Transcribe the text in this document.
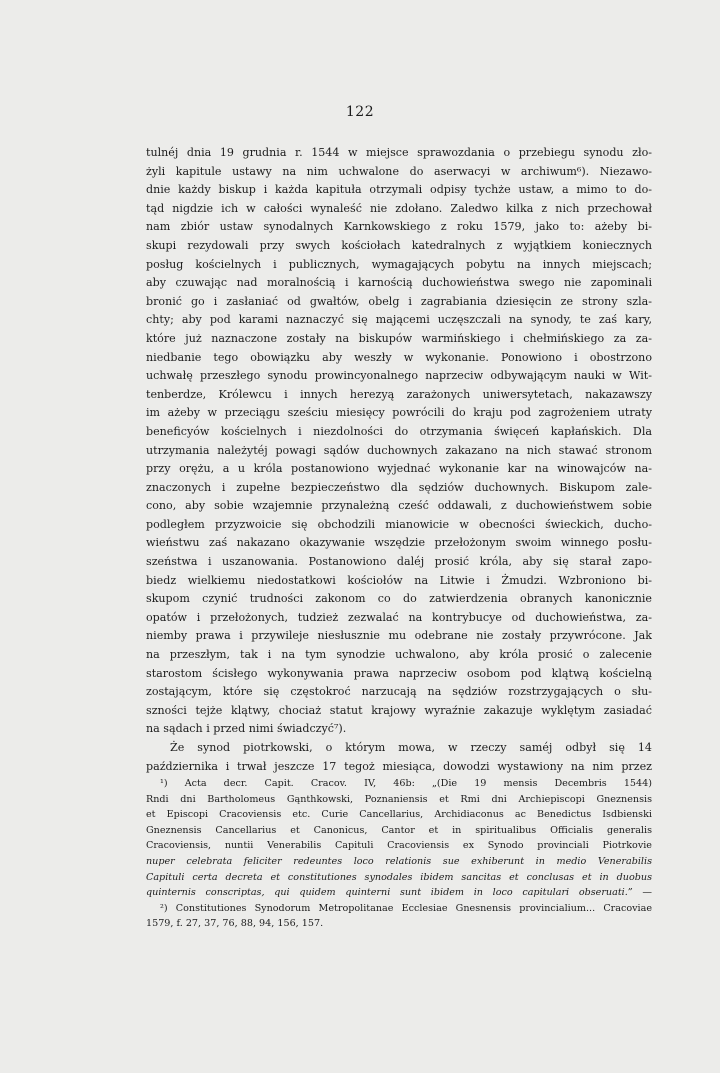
122
tulnéj dnia 19 grudnia r. 1544 w miejsce sprawozdania o przebiegu synodu zło-
żyli kapitule ustawy na nim uchwalone do aserwacyi w archiwum⁶). Niezawo-
dnie każdy biskup i każda kapituła otrzymali odpisy tychże ustaw, a mimo to do-
tąd nigdzie ich w całości wynaleść nie zdołano. Zaledwo kilka z nich przechował
nam zbiór ustaw synodalnych Karnkowskiego z roku 1579, jako to: ażeby bi-
skupi rezydowali przy swych kościołach katedralnych z wyjątkiem koniecznych
posług kościelnych i publicznych, wymagających pobytu na innych miejscach;
aby czuwając nad moralnością i karnością duchowieństwa swego nie zapominali
bronić go i zasłaniać od gwałtów, obelg i zagrabiania dziesięcin ze strony szla-
chty; aby pod karami naznaczyć się mającemi uczęszczali na synody, te zaś kary,
które już naznaczone zostały na biskupów warmińskiego i chełmińskiego za za-
niedbanie tego obowiązku aby weszły w wykonanie. Ponowiono i obostrzono
uchwałę przeszłego synodu prowincyonalnego naprzeciw odbywającym nauki w Wit-
tenberdze, Królewcu i innych herezyą zarażonych uniwersytetach, nakazawszy
im ażeby w przeciągu sześciu miesięcy powrócili do kraju pod zagrożeniem utraty
beneficyów kościelnych i niezdolności do otrzymania święceń kapłańskich. Dla
utrzymania należytéj powagi sądów duchownych zakazano na nich stawać stronom
przy orężu, a u króla postanowiono wyjednać wykonanie kar na winowajców na-
znaczonych i zupełne bezpieczeństwo dla sędziów duchownych. Biskupom zale-
cono, aby sobie wzajemnie przynależną cześć oddawali, z duchowieństwem sobie
podległem przyzwoicie się obchodzili mianowicie w obecności świeckich, ducho-
wieństwu zaś nakazano okazywanie wszędzie przełożonym swoim winnego posłu-
szeństwa i uszanowania. Postanowiono daléj prosić króla, aby się starał zapo-
biedz wielkiemu niedostatkowi kościołów na Litwie i Żmudzi. Wzbroniono bi-
skupom czynić trudności zakonom co do zatwierdzenia obranych kanonicznie
opatów i przełożonych, tudzież zezwalać na kontrybucye od duchowieństwa, za-
niemby prawa i przywileje niesłusznie mu odebrane nie zostały przywrócone. Jak
na przeszłym, tak i na tym synodzie uchwalono, aby króla prosić o zalecenie
starostom ścisłego wykonywania prawa naprzeciw osobom pod klątwą kościelną
zostającym, które się częstokroć narzucają na sędziów rozstrzygających o słu-
szności tejże klątwy, chociaż statut krajowy wyraźnie zakazuje wyklętym zasiadać
na sądach i przed nimi świadczyć⁷).
Że synod piotrkowski, o którym mowa, w rzeczy saméj odbył się 14
października i trwał jeszcze 17 tegoż miesiąca, dowodzi wystawiony na nim przez
¹) Acta decr. Capit. Cracov. IV, 46b: „(Die 19 mensis Decembris 1544)
Rndi dni Bartholomeus Gąnthkowski, Poznaniensis et Rmi dni Archiepiscopi Gneznensis
et Episcopi Cracoviensis etc. Curie Cancellarius, Archidiaconus ac Benedictus Isdbienski
Gneznensis Cancellarius et Canonicus, Cantor et in spiritualibus Officialis generalis
Cracoviensis, nuntii Venerabilis Capituli Cracoviensis ex Synodo provinciali Piotrkovie
nuper celebrata feliciter redeuntes loco relationis sue exhiberunt in medio Venerabilis
Capituli certa decreta et constitutiones synodales ibidem sancitas et conclusas et in duobus
quinternis conscriptas, qui quidem quinterni sunt ibidem in loco capitulari obseruati.” —
²) Constitutiones Synodorum Metropolitanae Ecclesiae Gnesnensis provincialium... Cracoviae
1579, f. 27, 37, 76, 88, 94, 156, 157.
